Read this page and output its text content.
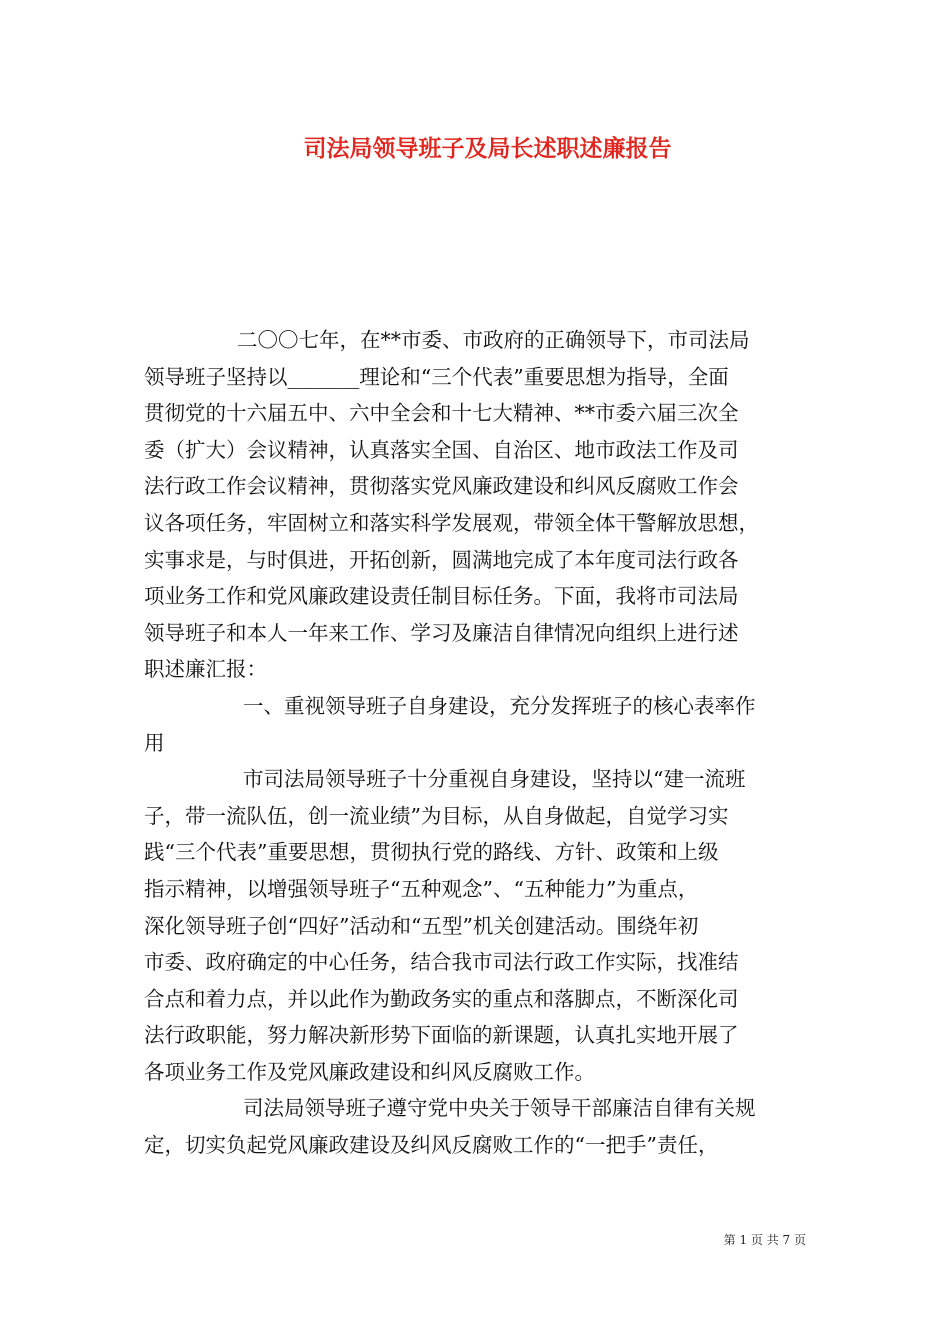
司法局领导班子及局长述职述廉报告
二〇〇七年，在**市委、市政府的正确领导下，市司法局
领导班子坚持以_______理论和“三个代表”重要思想为指导，全面
贯彻党的十六届五中、六中全会和十七大精神、**市委六届三次全
委（扩大）会议精神，认真落实全国、自治区、地市政法工作及司
法行政工作会议精神，贯彻落实党风廉政建设和纠风反腐败工作会
议各项任务，牢固树立和落实科学发展观，带领全体干警解放思想，
实事求是，与时俱进，开拓创新，圆满地完成了本年度司法行政各
项业务工作和党风廉政建设责任制目标任务。下面，我将市司法局
领导班子和本人一年来工作、学习及廉洁自律情况向组织上进行述
职述廉汇报：
一、重视领导班子自身建设，充分发挥班子的核心表率作
用
市司法局领导班子十分重视自身建设，坚持以“建一流班
子，带一流队伍，创一流业绩”为目标，从自身做起，自觉学习实
践“三个代表”重要思想，贯彻执行党的路线、方针、政策和上级
指示精神，以增强领导班子“五种观念”、“五种能力”为重点，
深化领导班子创“四好”活动和“五型”机关创建活动。围绕年初
市委、政府确定的中心任务，结合我市司法行政工作实际，找准结
合点和着力点，并以此作为勤政务实的重点和落脚点，不断深化司
法行政职能，努力解决新形势下面临的新课题，认真扎实地开展了
各项业务工作及党风廉政建设和纠风反腐败工作。
司法局领导班子遵守党中央关于领导干部廉洁自律有关规
定，切实负起党风廉政建设及纠风反腐败工作的“一把手”责任，
第 1 页 共 7 页
